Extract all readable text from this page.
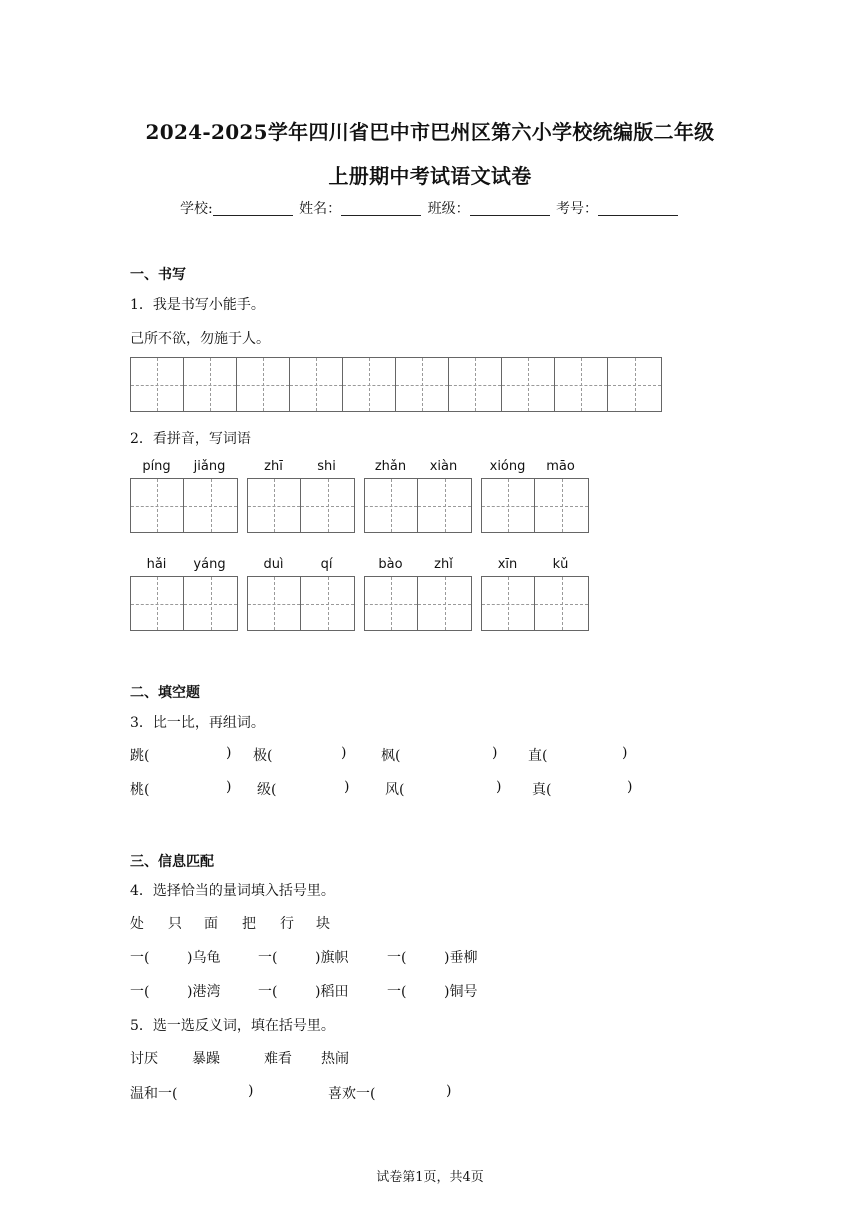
2024-2025学年四川省巴中市巴州区第六小学校统编版二年级
上册期中考试语文试卷
学校:	姓名：	班级：	考号：
一、书写
1．我是书写小能手。
己所不欲，勿施于人。
2．看拼音，写词语
píng	jiǎng	zhī	shi	zhǎn	xiàn	xióng	māo
hǎi	yáng	duì	qí	bào	zhǐ	xīn	kǔ
二、填空题
3．比一比，再组词。
跳(	) 极(	) 枫(	) 直(	)
桃(	) 级(	)	风(	) 真(	)
三、信息匹配
4．选择恰当的量词填入括号里。
处 只 面 把 行 块
一(	)乌龟	一(	)旗帜	一(	)垂柳
一(	)港湾	一(	)稻田	一(	)铜号
5．选一选反义词，填在括号里。
讨厌 暴躁	难看 热闹
温和一(	)	喜欢一(	)
试卷第1页，共4页
